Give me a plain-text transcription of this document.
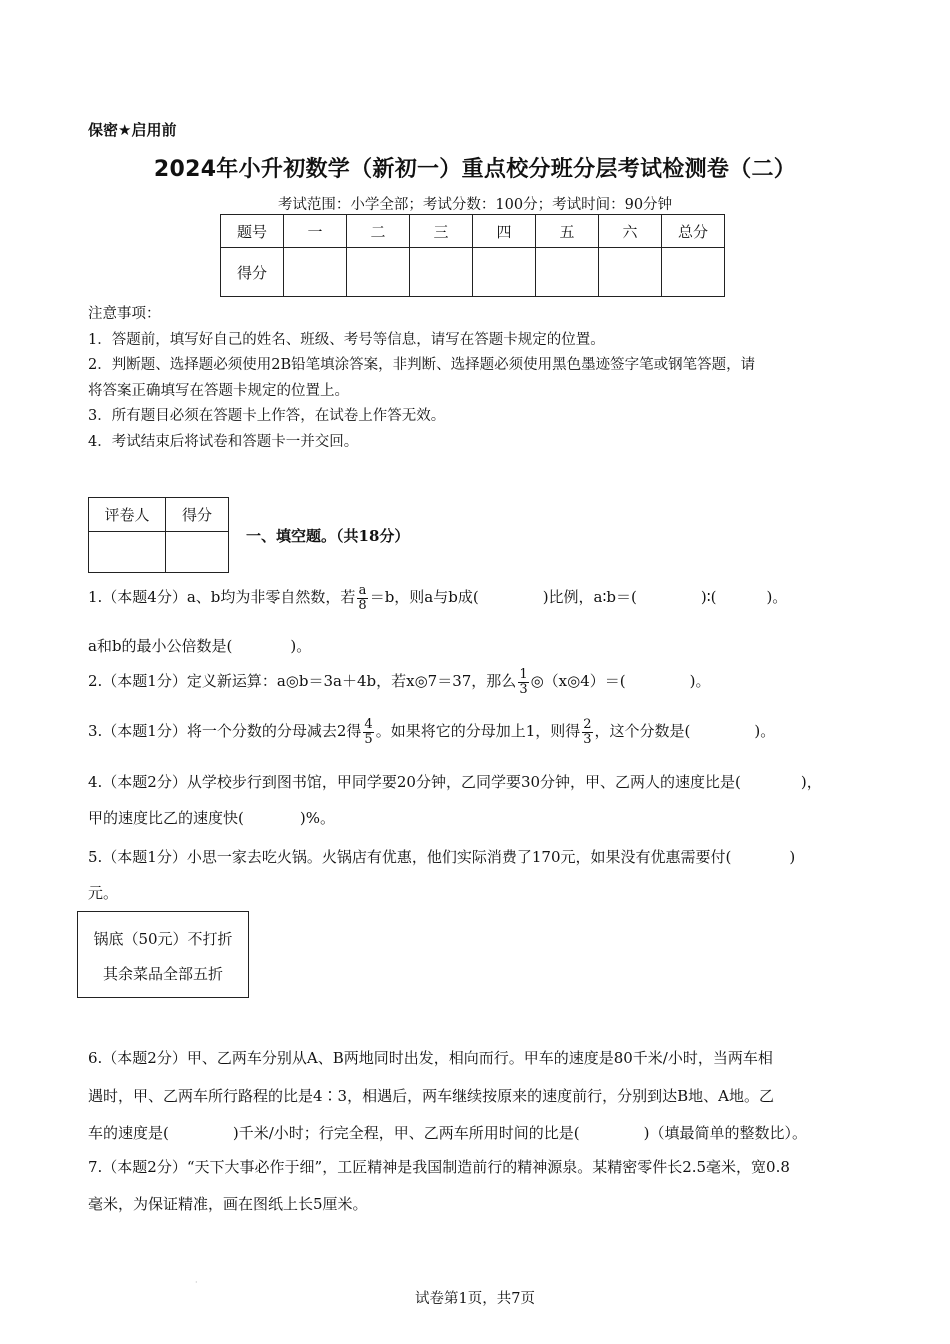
保密★启用前
2024年小升初数学（新初一）重点校分班分层考试检测卷（二）
考试范围：小学全部；考试分数：100分；考试时间：90分钟
题号	一	二	三	四	五	六	总分
得分							
注意事项：
1．答题前，填写好自己的姓名、班级、考号等信息，请写在答题卡规定的位置。
2．判断题、选择题必须使用2B铅笔填涂答案，非判断、选择题必须使用黑色墨迹签字笔或钢笔答题，请
将答案正确填写在答题卡规定的位置上。
3．所有题目必须在答题卡上作答，在试卷上作答无效。
4．考试结束后将试卷和答题卡一并交回。
评卷人	得分

一、填空题。（共18分）
1.（本题4分）a、b均为非零自然数，若 $\frac{a}{8} =b$，则a与b成(	)比例，a∶b＝(	)∶(	)。
a和b的最小公倍数是(	)。
2.（本题1分）定义新运算：a◎b＝3a＋4b，若x◎7＝37，那么 $\frac{1}{3}$ ◎（x◎4）＝(	)。
3.（本题1分）将一个分数的分母减去2得 $\frac{4}{5}$ 。如果将它的分母加上1，则得 $\frac{2}{3}$ ，这个分数是(	)。
4.（本题2分）从学校步行到图书馆，甲同学要20分钟，乙同学要30分钟，甲、乙两人的速度比是(	)，
甲的速度比乙的速度快(	)%。
5.（本题1分）小思一家去吃火锅。火锅店有优惠，他们实际消费了170元，如果没有优惠需要付(	)
元。
锅底（50元）不打折
其余菜品全部五折
6.（本题2分）甲、乙两车分别从A、B两地同时出发，相向而行。甲车的速度是80千米/小时，当两车相
遇时，甲、乙两车所行路程的比是4∶3，相遇后，两车继续按原来的速度前行，分别到达B地、A地。乙
车的速度是(	)千米/小时；行完全程，甲、乙两车所用时间的比是(	)（填最简单的整数比）。
7.（本题2分）“天下大事必作于细”，工匠精神是我国制造前行的精神源泉。某精密零件长2.5毫米，宽0.8
毫米，为保证精准，画在图纸上长5厘米。
·
试卷第1页，共7页
